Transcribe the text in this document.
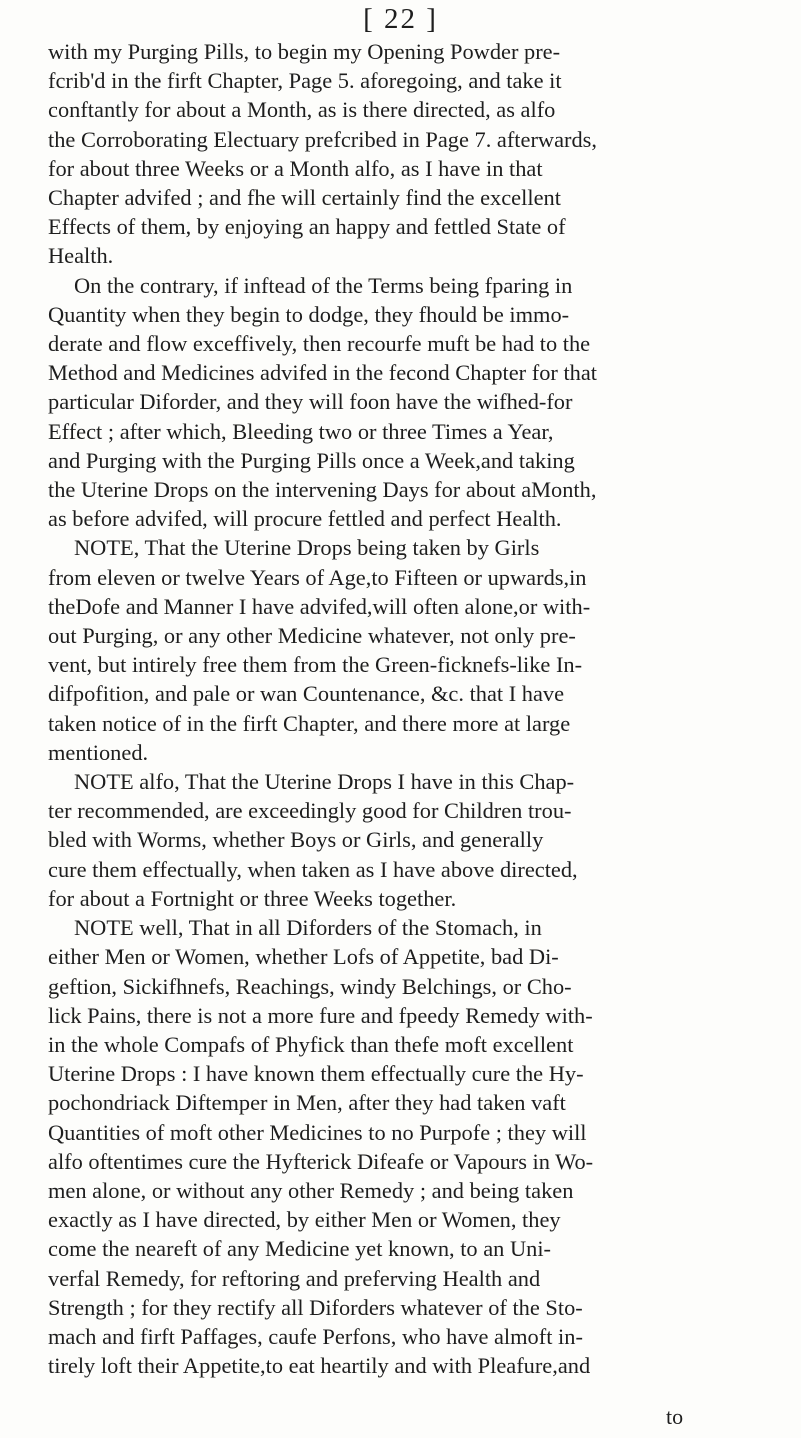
[ 22 ]
with my Purging Pills, to begin my Opening Powder pre-
fcrib'd in the firft Chapter, Page 5. aforegoing, and take it
conftantly for about a Month, as is there directed, as alfo
the Corroborating Electuary prefcribed in Page 7. afterwards,
for about three Weeks or a Month alfo, as I have in that
Chapter advifed ; and fhe will certainly find the excellent
Effects of them, by enjoying an happy and fettled State of
Health.
On the contrary, if inftead of the Terms being fparing in
Quantity when they begin to dodge, they fhould be immo-
derate and flow exceffively, then recourfe muft be had to the
Method and Medicines advifed in the fecond Chapter for that
particular Diforder, and they will foon have the wifhed-for
Effect ; after which, Bleeding two or three Times a Year,
and Purging with the Purging Pills once a Week,and taking
the Uterine Drops on the intervening Days for about aMonth,
as before advifed, will procure fettled and perfect Health.
NOTE, That the Uterine Drops being taken by Girls
from eleven or twelve Years of Age,to Fifteen or upwards,in
theDofe and Manner I have advifed,will often alone,or with-
out Purging, or any other Medicine whatever, not only pre-
vent, but intirely free them from the Green-ficknefs-like In-
difpofition, and pale or wan Countenance, &c. that I have
taken notice of in the firft Chapter, and there more at large
mentioned.
NOTE alfo, That the Uterine Drops I have in this Chap-
ter recommended, are exceedingly good for Children trou-
bled with Worms, whether Boys or Girls, and generally
cure them effectually, when taken as I have above directed,
for about a Fortnight or three Weeks together.
NOTE well, That in all Diforders of the Stomach, in
either Men or Women, whether Lofs of Appetite, bad Di-
geftion, Sickifhnefs, Reachings, windy Belchings, or Cho-
lick Pains, there is not a more fure and fpeedy Remedy with-
in the whole Compafs of Phyfick than thefe moft excellent
Uterine Drops : I have known them effectually cure the Hy-
pochondriack Diftemper in Men, after they had taken vaft
Quantities of moft other Medicines to no Purpofe ; they will
alfo oftentimes cure the Hyfterick Difeafe or Vapours in Wo-
men alone, or without any other Remedy ; and being taken
exactly as I have directed, by either Men or Women, they
come the neareft of any Medicine yet known, to an Uni-
verfal Remedy, for reftoring and preferving Health and
Strength ; for they rectify all Diforders whatever of the Sto-
mach and firft Paffages, caufe Perfons, who have almoft in-
tirely loft their Appetite,to eat heartily and with Pleafure,and
to
